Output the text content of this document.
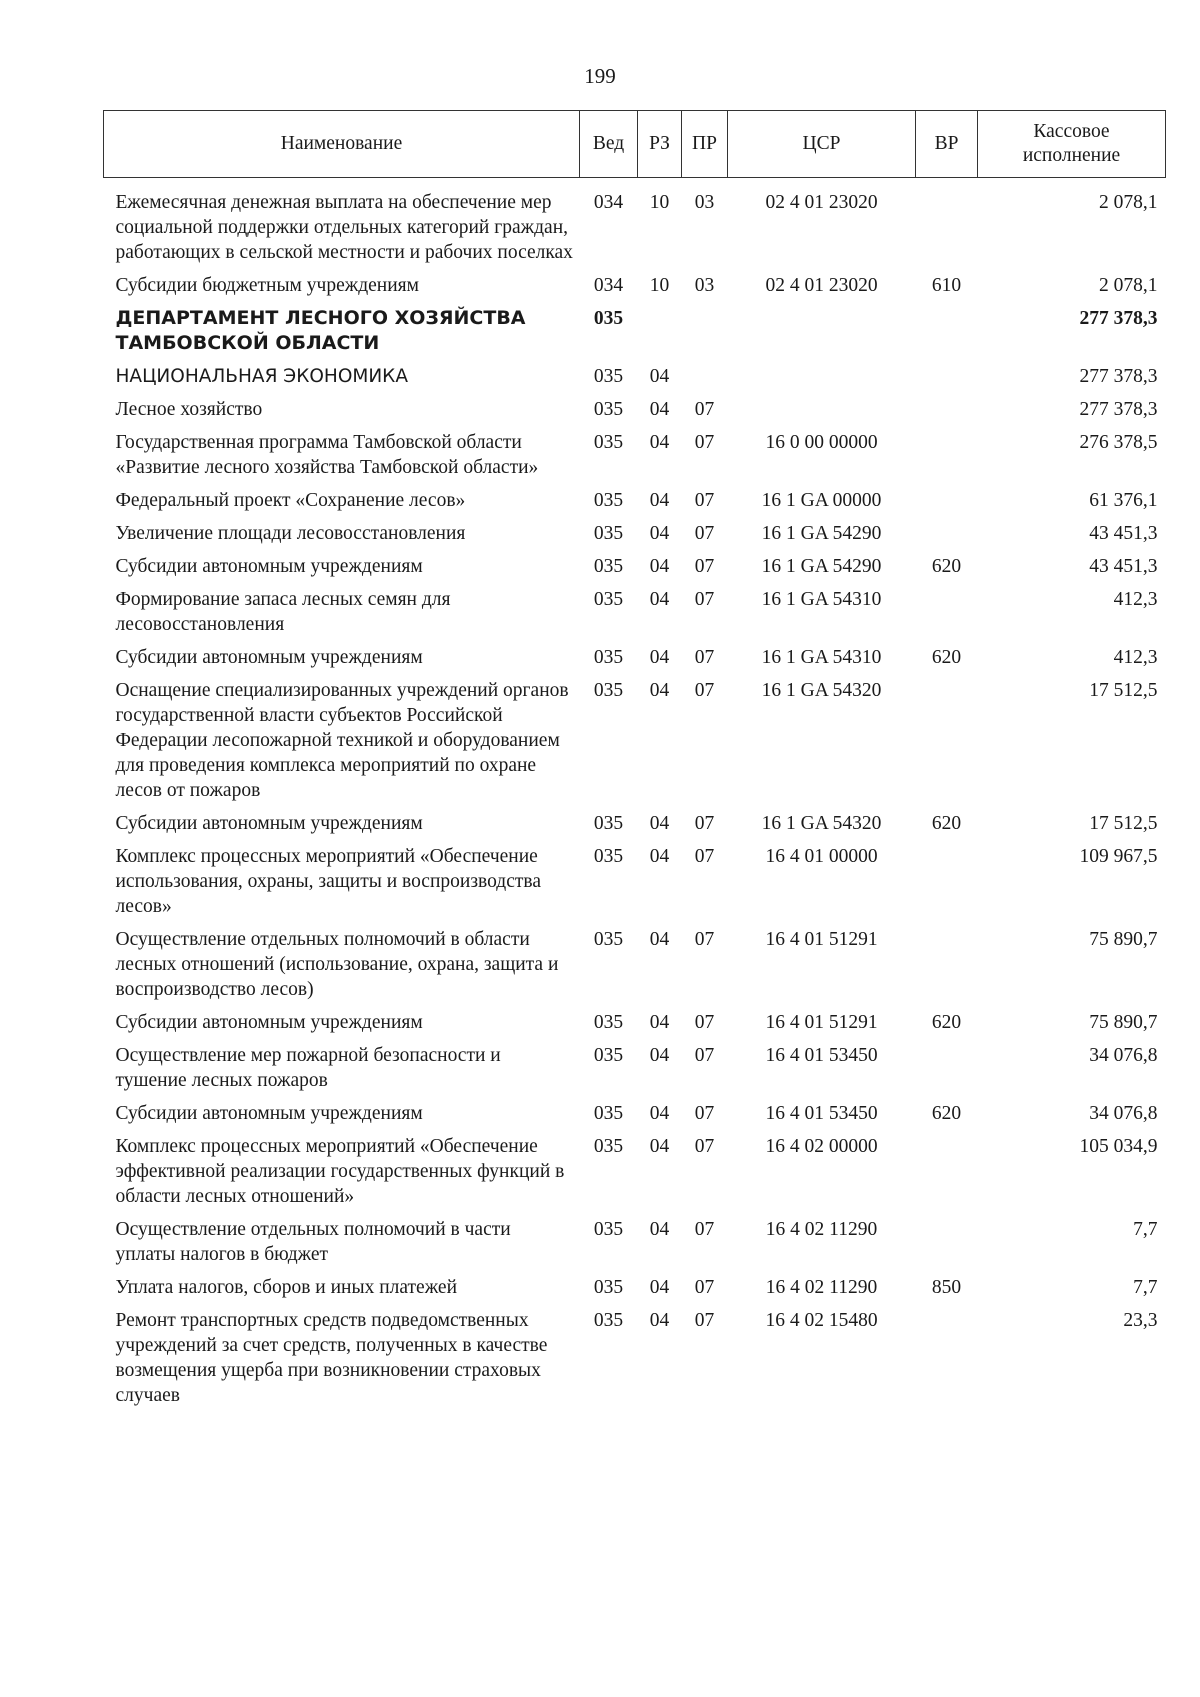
199
Наименование	Вед	РЗ	ПР	ЦСР	ВР	Кассовое исполнение
Ежемесячная денежная выплата на обеспечение мер социальной поддержки отдельных категорий граждан, работающих в сельской местности и рабочих поселках	034	10	03	02 4 01 23020		2 078,1
Субсидии бюджетным учреждениям	034	10	03	02 4 01 23020	610	2 078,1
ДЕПАРТАМЕНТ ЛЕСНОГО ХОЗЯЙСТВА ТАМБОВСКОЙ ОБЛАСТИ	035					277 378,3
НАЦИОНАЛЬНАЯ ЭКОНОМИКА	035	04				277 378,3
Лесное хозяйство	035	04	07			277 378,3
Государственная программа Тамбовской области «Развитие лесного хозяйства Тамбовской области»	035	04	07	16 0 00 00000		276 378,5
Федеральный проект «Сохранение лесов»	035	04	07	16 1 GA 00000		61 376,1
Увеличение площади лесовосстановления	035	04	07	16 1 GA 54290		43 451,3
Субсидии автономным учреждениям	035	04	07	16 1 GA 54290	620	43 451,3
Формирование запаса лесных семян для лесовосстановления	035	04	07	16 1 GA 54310		412,3
Субсидии автономным учреждениям	035	04	07	16 1 GA 54310	620	412,3
Оснащение специализированных учреждений органов государственной власти субъектов Российской Федерации лесопожарной техникой и оборудованием для проведения комплекса мероприятий по охране лесов от пожаров	035	04	07	16 1 GA 54320		17 512,5
Субсидии автономным учреждениям	035	04	07	16 1 GA 54320	620	17 512,5
Комплекс процессных мероприятий «Обеспечение использования, охраны, защиты и воспроизводства лесов»	035	04	07	16 4 01 00000		109 967,5
Осуществление отдельных полномочий в области лесных отношений (использование, охрана, защита и воспроизводство лесов)	035	04	07	16 4 01 51291		75 890,7
Субсидии автономным учреждениям	035	04	07	16 4 01 51291	620	75 890,7
Осуществление мер пожарной безопасности и тушение лесных пожаров	035	04	07	16 4 01 53450		34 076,8
Субсидии автономным учреждениям	035	04	07	16 4 01 53450	620	34 076,8
Комплекс процессных мероприятий «Обеспечение эффективной реализации государственных функций в области лесных отношений»	035	04	07	16 4 02 00000		105 034,9
Осуществление отдельных полномочий в части уплаты налогов в бюджет	035	04	07	16 4 02 11290		7,7
Уплата налогов, сборов и иных платежей	035	04	07	16 4 02 11290	850	7,7
Ремонт транспортных средств подведомственных учреждений за счет средств, полученных в качестве возмещения ущерба при возникновении страховых случаев	035	04	07	16 4 02 15480		23,3
